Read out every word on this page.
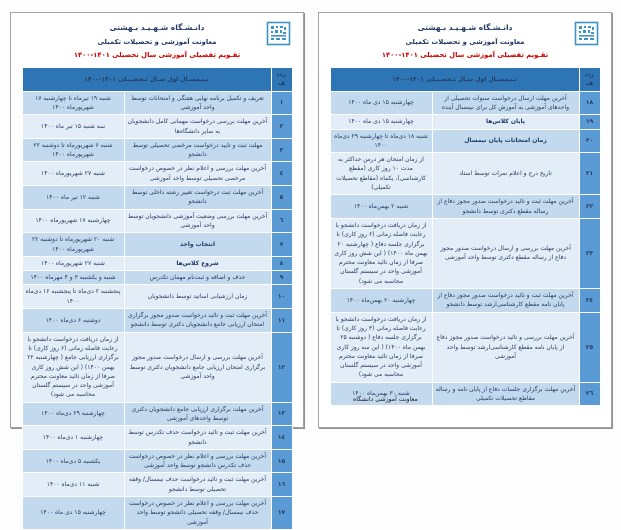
دانـشـگاه شـهـيـد بـهشتی
معاونت آموزشی و تحصیلات تکمیلی
تقـویم تفصیلی آموزشی سال تحصیلی ۱۴۰۱-۱۴۰۰
ردیف	نـیـمسـال اول سـال تـحصـیـلی ۱۴۰۱-۱۴۰۰	
١	تعریف و تکمیل برنامه نهایی هفتگی و امتحانات توسط واحد آموزشی	شنبه ۱۹ تیرماه تا چهارشنبه ۱۷ شهریورماه ۱۴۰۰
٢	آخرین مهلت بررسی درخواست مهمانی کامل دانشجویان به سایر دانشگاه‌ها	سه شنبه ۱۵ تیر ماه ۱۴۰۰
٣	مهلت ثبت و تایید درخواست مرخصی تحصیلی توسط دانشجو	شنبه ۶ شهریورماه تا دوشنبه ۲۲ شهریورماه ۱۴۰۰
٤	آخرین مهلت بررسی و اعلام نظر در خصوص درخواست مرخصی تحصیلی توسط واحد آموزشی	شنبه ۲۷ شهریورماه ۱۴۰۰
٥	آخرین مهلت ثبت درخواست تغییر رشته داخلی توسط دانشجو	شنبه ۱۲ تیر ماه ۱۴۰۰
٦	آخرین مهلت بررسی وضعیت آموزشی دانشجویان توسط واحد آموزشی	چهارشنبه ۱۷ شهریورماه ۱۴۰۰
٧	انتخاب واحد	شنبه ۲۰ شهریورماه تا دوشنبه ۲۲ شهریورماه ۱۴۰۰
٨	شروع کلاس‌ها	شنبه ۲۷ شهریورماه ۱۴۰۰
٩	حذف و اضافه و ثبت‌نام مهمان تکدرس	شنبه و یکشنبه ۳ و ۴ مهرماه ۱۴۰۰
١٠	زمان ارزشیابی اساتید توسط دانشجویان	پنجشنبه ۲ دی‌ماه تا پنجشنبه ۱۶ دی‌ماه ۱۴۰۰
١١	آخرین مهلت ثبت و تائید درخواست صدور مجوز برگزاری امتحان ارزیابی جامع دانشجویان دکتری توسط دانشجو	دوشنبه ۶ دی‌ماه ۱۴۰۰
١٢	آخرین مهلت بررسی و ارسال درخواست صدور مجوز برگزاری امتحان ارزیابی جامع دانشجویان دکتری توسط واحد آموزشی	از زمان دریافت درخواست دانشجو با رعایت فاصله زمانی (۶ روز کاری) تا برگزاری ارزیابی جامع ( چهارشنبه ۲۲ بهمن ۱۴۰۰) ( این شش روز کاری صرفا از زمان تائید معاونت محترم آموزشی واحد در سیستم گلستان محاسبه می شود)
١٣	آخرین مهلت برگزاری ارزیابی جامع دانشجویان دکتری توسط واحدهای آموزشی	چهارشنبه ۲۹ دی‌ماه ۱۴۰۰
١٤	آخرین مهلت ثبت و تائید درخواست حذف تکدرس توسط دانشجو	چهارشنبه ۱ دی‌ماه ۱۴۰۰
١٥	آخرین مهلت بررسی و اعلام نظر در خصوص درخواست حذف تکدرس دانشجو توسط واحد آموزشی	یکشنبه ۵ دی‌ماه ۱۴۰۰
١٦	آخرین مهلت ثبت و تائید درخواست حذف نیمسال/ وقفه تحصیلی توسط دانشجو	شنبه ۱۱ دی‌ماه ۱۴۰۰
١٧	آخرین مهلت بررسی و اعلام نظر در خصوص درخواست حذف نیمسال/ وقفه تحصیلی دانشجو توسط واحد آموزشی	چهارشنبه ۱۵ دی ماه ۱۴۰۰
دانـشـگاه شـهـيـد بـهشتی
معاونت آموزشی و تحصیلات تکمیلی
تقـویم تفصیلی آموزشی سال تحصیلی ۱۴۰۱-۱۴۰۰
ردیف	نـیـمسـال اول سـال تـحصـیـلی ۱۴۰۱-۱۴۰۰	
١٨	آخرین مهلت ارسال درخواست سنوات تحصیلی از واحدهای آموزشی به آموزش کل برای نیمسال آینده	چهارشنبه ۱۵ دی ماه ۱۴۰۰
١٩	پایان کلاس‌ها	چهارشنبه ۱۵ دی ماه ۱۴۰۰
٢٠	زمان امتحانات پایان نیمسال	شنبه ۱۸ دی‌ماه تا چهارشنبه ۲۹ دی‌ماه ۱۴۰۰
٢١	تاریخ درج و اعلام نمرات توسط استاد	از زمان امتحان هر درس حداکثر به مدت ۱۰ روز کاری (مقطع کارشناسی)، یکماه (مقاطع تحصیلات تکمیلی)
٢٢	آخرین مهلت ثبت و تائید درخواست صدور مجوز دفاع از رساله مقطع دکتری توسط دانشجو	شنبه ۲ بهمن‌ماه ۱۴۰۰
٢٣	آخرین مهلت بررسی و ارسال درخواست صدور مجوز دفاع از رساله مقطع دکتری توسط واحد آموزشی	از زمان دریافت درخواست دانشجو با رعایت فاصله زمانی (۶ روز کاری) تا برگزاری جلسه دفاع ( چهارشنبه ۲۰ بهمن ماه ۱۴۰۰) ( این شش روز کاری صرفا از زمان تائید معاونت محترم آموزشی واحد در سیستم گلستان محاسبه می شود)
٢٤	آخرین مهلت ثبت و تائید درخواست صدور مجوز دفاع از پایان نامه مقطع کارشناسی‌ارشد توسط دانشجو	چهارشنبه ۲۰ بهمن‌ماه ۱۴۰۰
٢٥	آخرین مهلت بررسی و تائید درخواست صدور مجوز دفاع از پایان نامه مقطع کارشناسی‌ارشد توسط واحد آموزشی	از زمان دریافت درخواست دانشجو با رعایت فاصله زمانی (۳ روز کاری) تا برگزاری جلسه دفاع ( دوشنبه ۲۵ بهمن ماه ۱۴۰۰) ( این سه روز کاری صرفا از زمان تائید معاونت محترم آموزشی واحد در سیستم گلستان محاسبه می شود)
٢٦	آخرین مهلت برگزاری جلسات دفاع از پایان نامه و رساله مقاطع تحصیلات تکمیلی	شنبه ۳۰ بهمن‌ماه ۱۴۰۰
معاونت آموزشی دانشگاه
